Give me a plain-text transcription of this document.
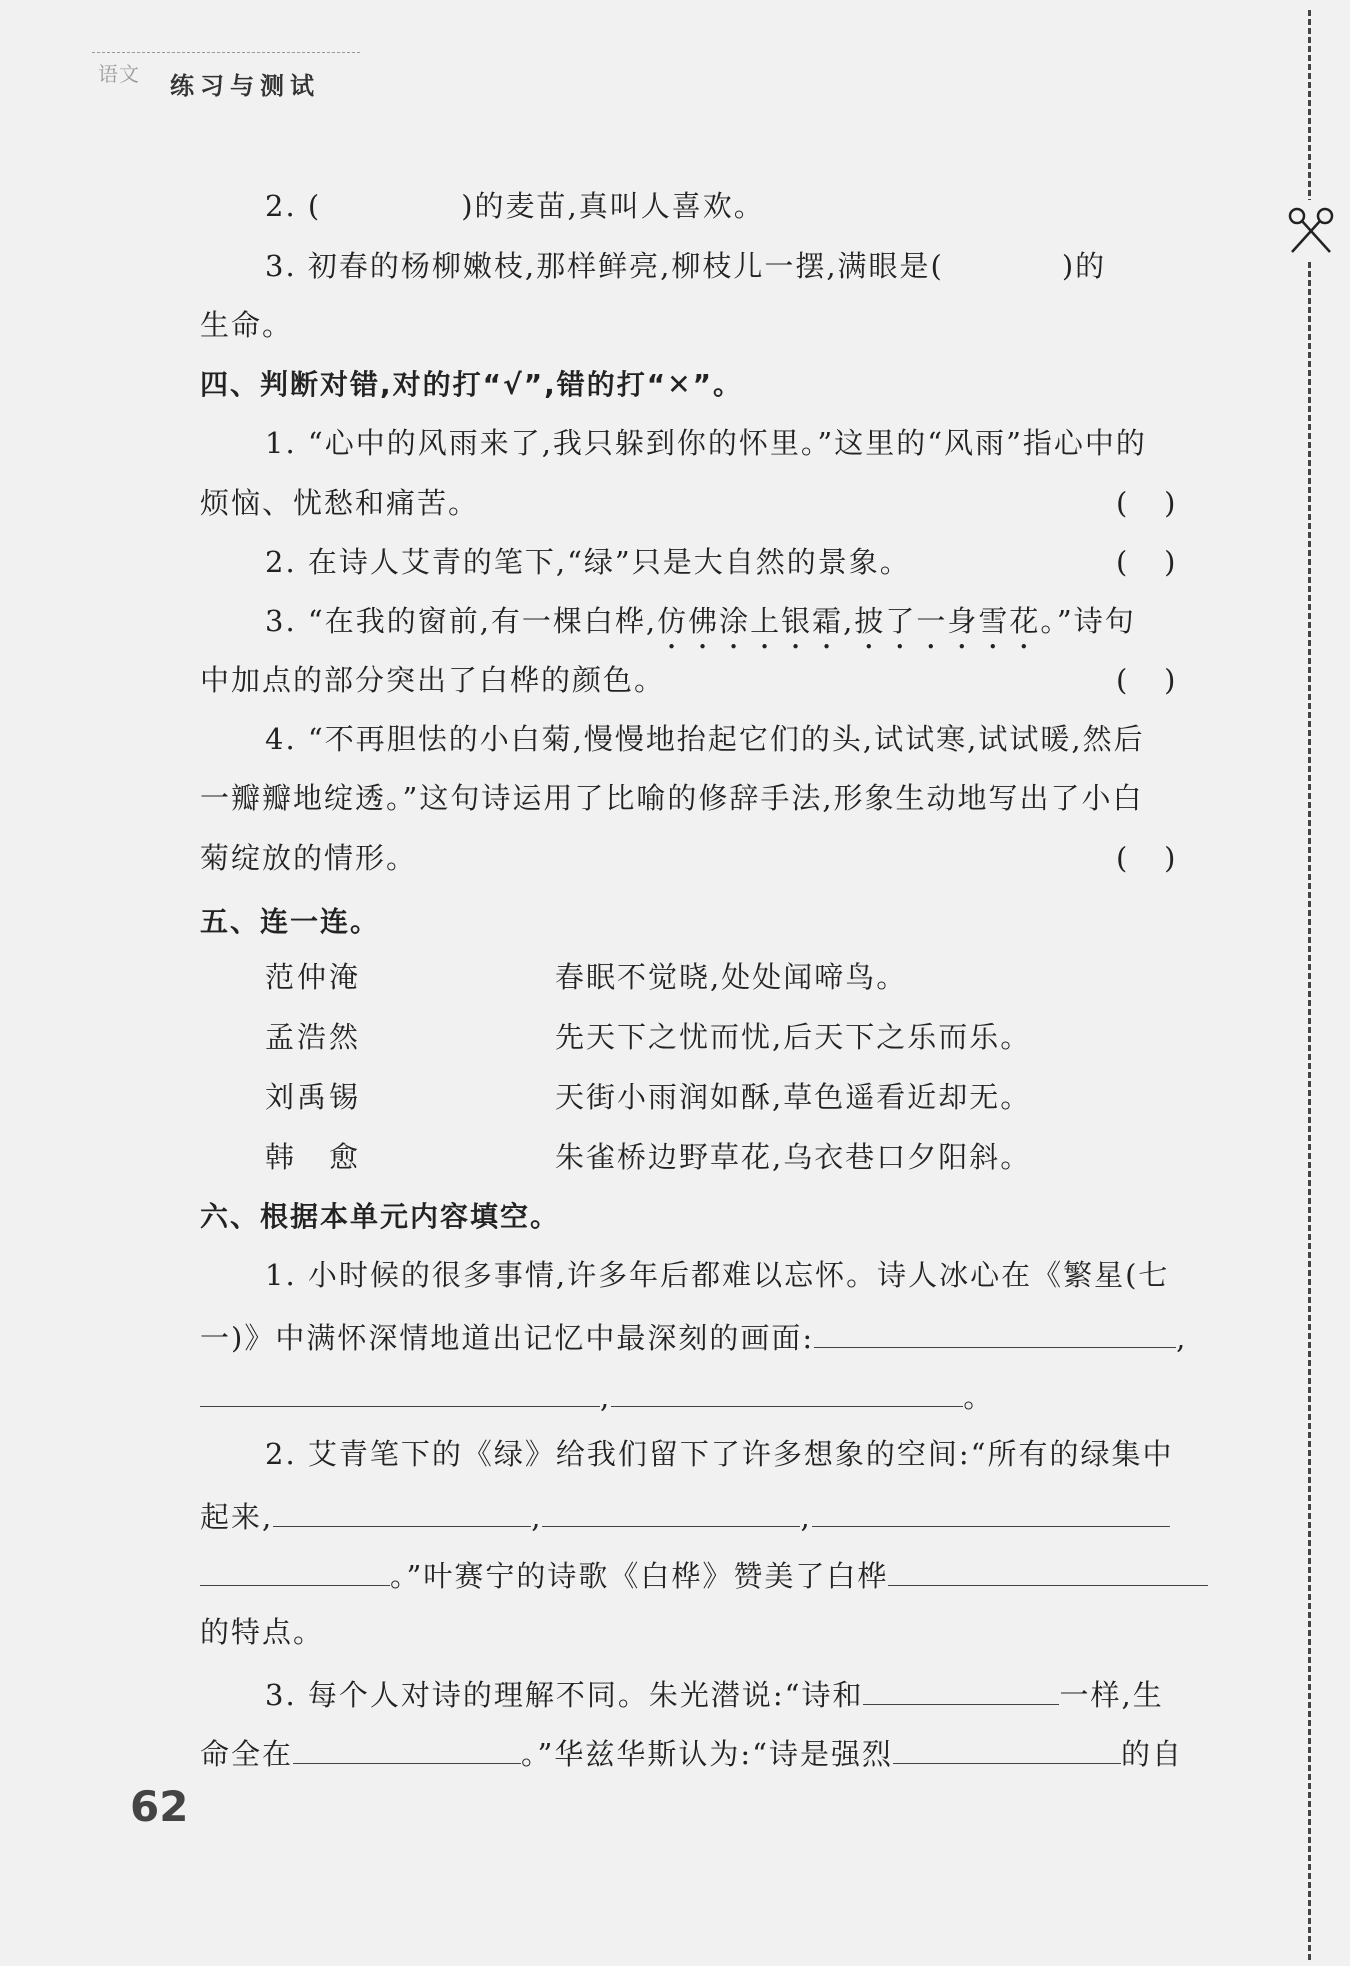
语文 练习与测试
2. (	)的麦苗,真叫人喜欢。
3. 初春的杨柳嫩枝,那样鲜亮,柳枝儿一摆,满眼是(	)的
生命。
四、判断对错,对的打“√”,错的打“✕”。
1. “心中的风雨来了,我只躲到你的怀里。”这里的“风雨”指心中的
烦恼、忧愁和痛苦。	(    )
2. 在诗人艾青的笔下,“绿”只是大自然的景象。	(    )
3. “在我的窗前,有一棵白桦,仿佛涂上银霜,披了一身雪花。”诗句
中加点的部分突出了白桦的颜色。	(    )
4. “不再胆怯的小白菊,慢慢地抬起它们的头,试试寒,试试暖,然后
一瓣瓣地绽透。”这句诗运用了比喻的修辞手法,形象生动地写出了小白
菊绽放的情形。	(    )
五、连一连。
范仲淹	春眠不觉晓,处处闻啼鸟。
孟浩然	先天下之忧而忧,后天下之乐而乐。
刘禹锡	天街小雨润如酥,草色遥看近却无。
韩　愈	朱雀桥边野草花,乌衣巷口夕阳斜。
六、根据本单元内容填空。
1. 小时候的很多事情,许多年后都难以忘怀。诗人冰心在《繁星(七
一)》中满怀深情地道出记忆中最深刻的画面:	,
,	。
2. 艾青笔下的《绿》给我们留下了许多想象的空间:“所有的绿集中
起来,	,	,
。”叶赛宁的诗歌《白桦》赞美了白桦
的特点。
3. 每个人对诗的理解不同。朱光潜说:“诗和	一样,生
命全在	。”华兹华斯认为:“诗是强烈	的自
62
